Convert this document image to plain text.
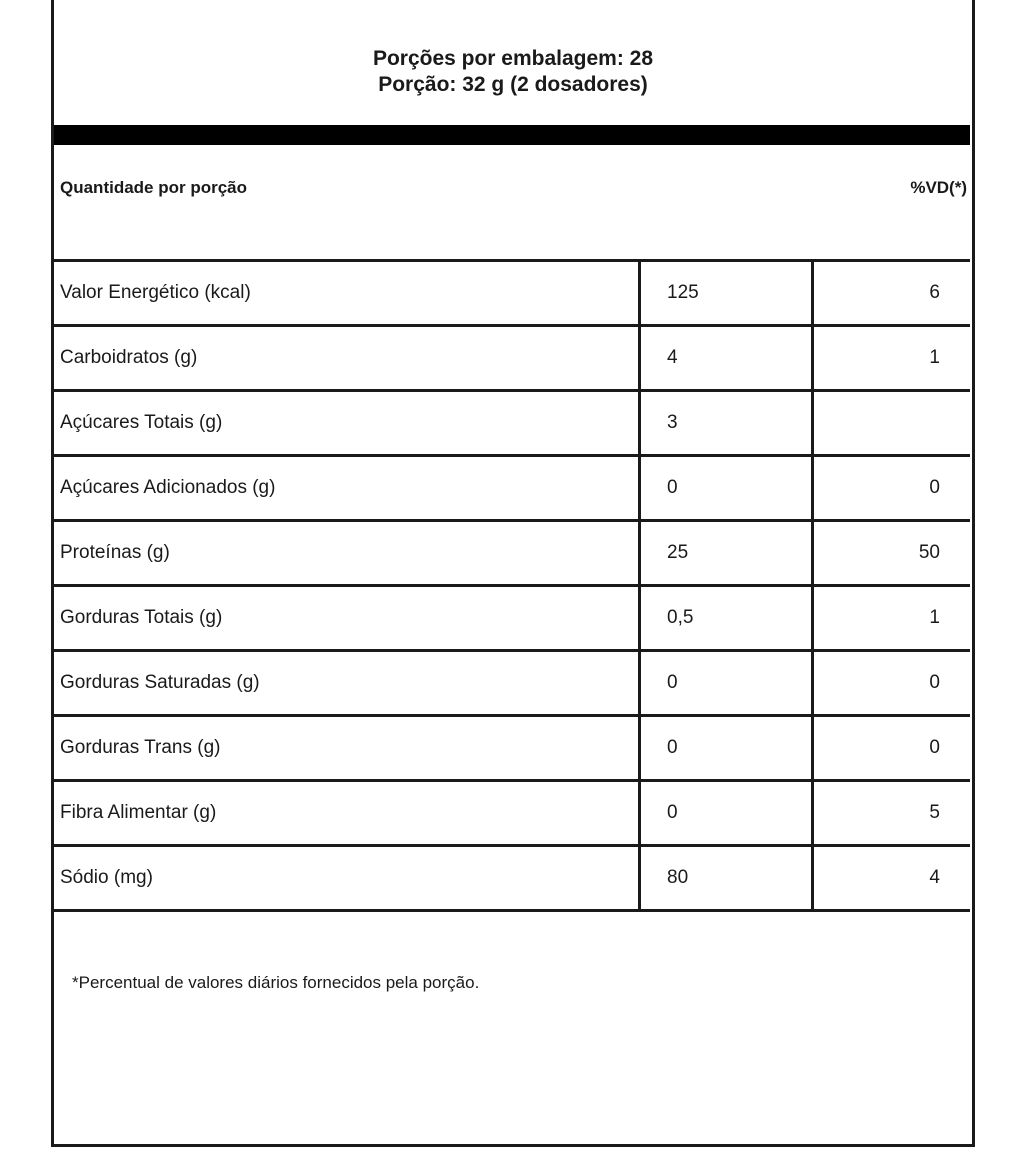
Porções por embalagem: 28
Porção: 32 g (2 dosadores)
Quantidade por porção	%VD(*)
Valor Energético (kcal)	125	6
Carboidratos (g)	4	1
Açúcares Totais (g)	3	
Açúcares Adicionados (g)	0	0
Proteínas (g)	25	50
Gorduras Totais (g)	0,5	1
Gorduras Saturadas (g)	0	0
Gorduras Trans (g)	0	0
Fibra Alimentar (g)	0	5
Sódio (mg)	80	4
*Percentual de valores diários fornecidos pela porção.
